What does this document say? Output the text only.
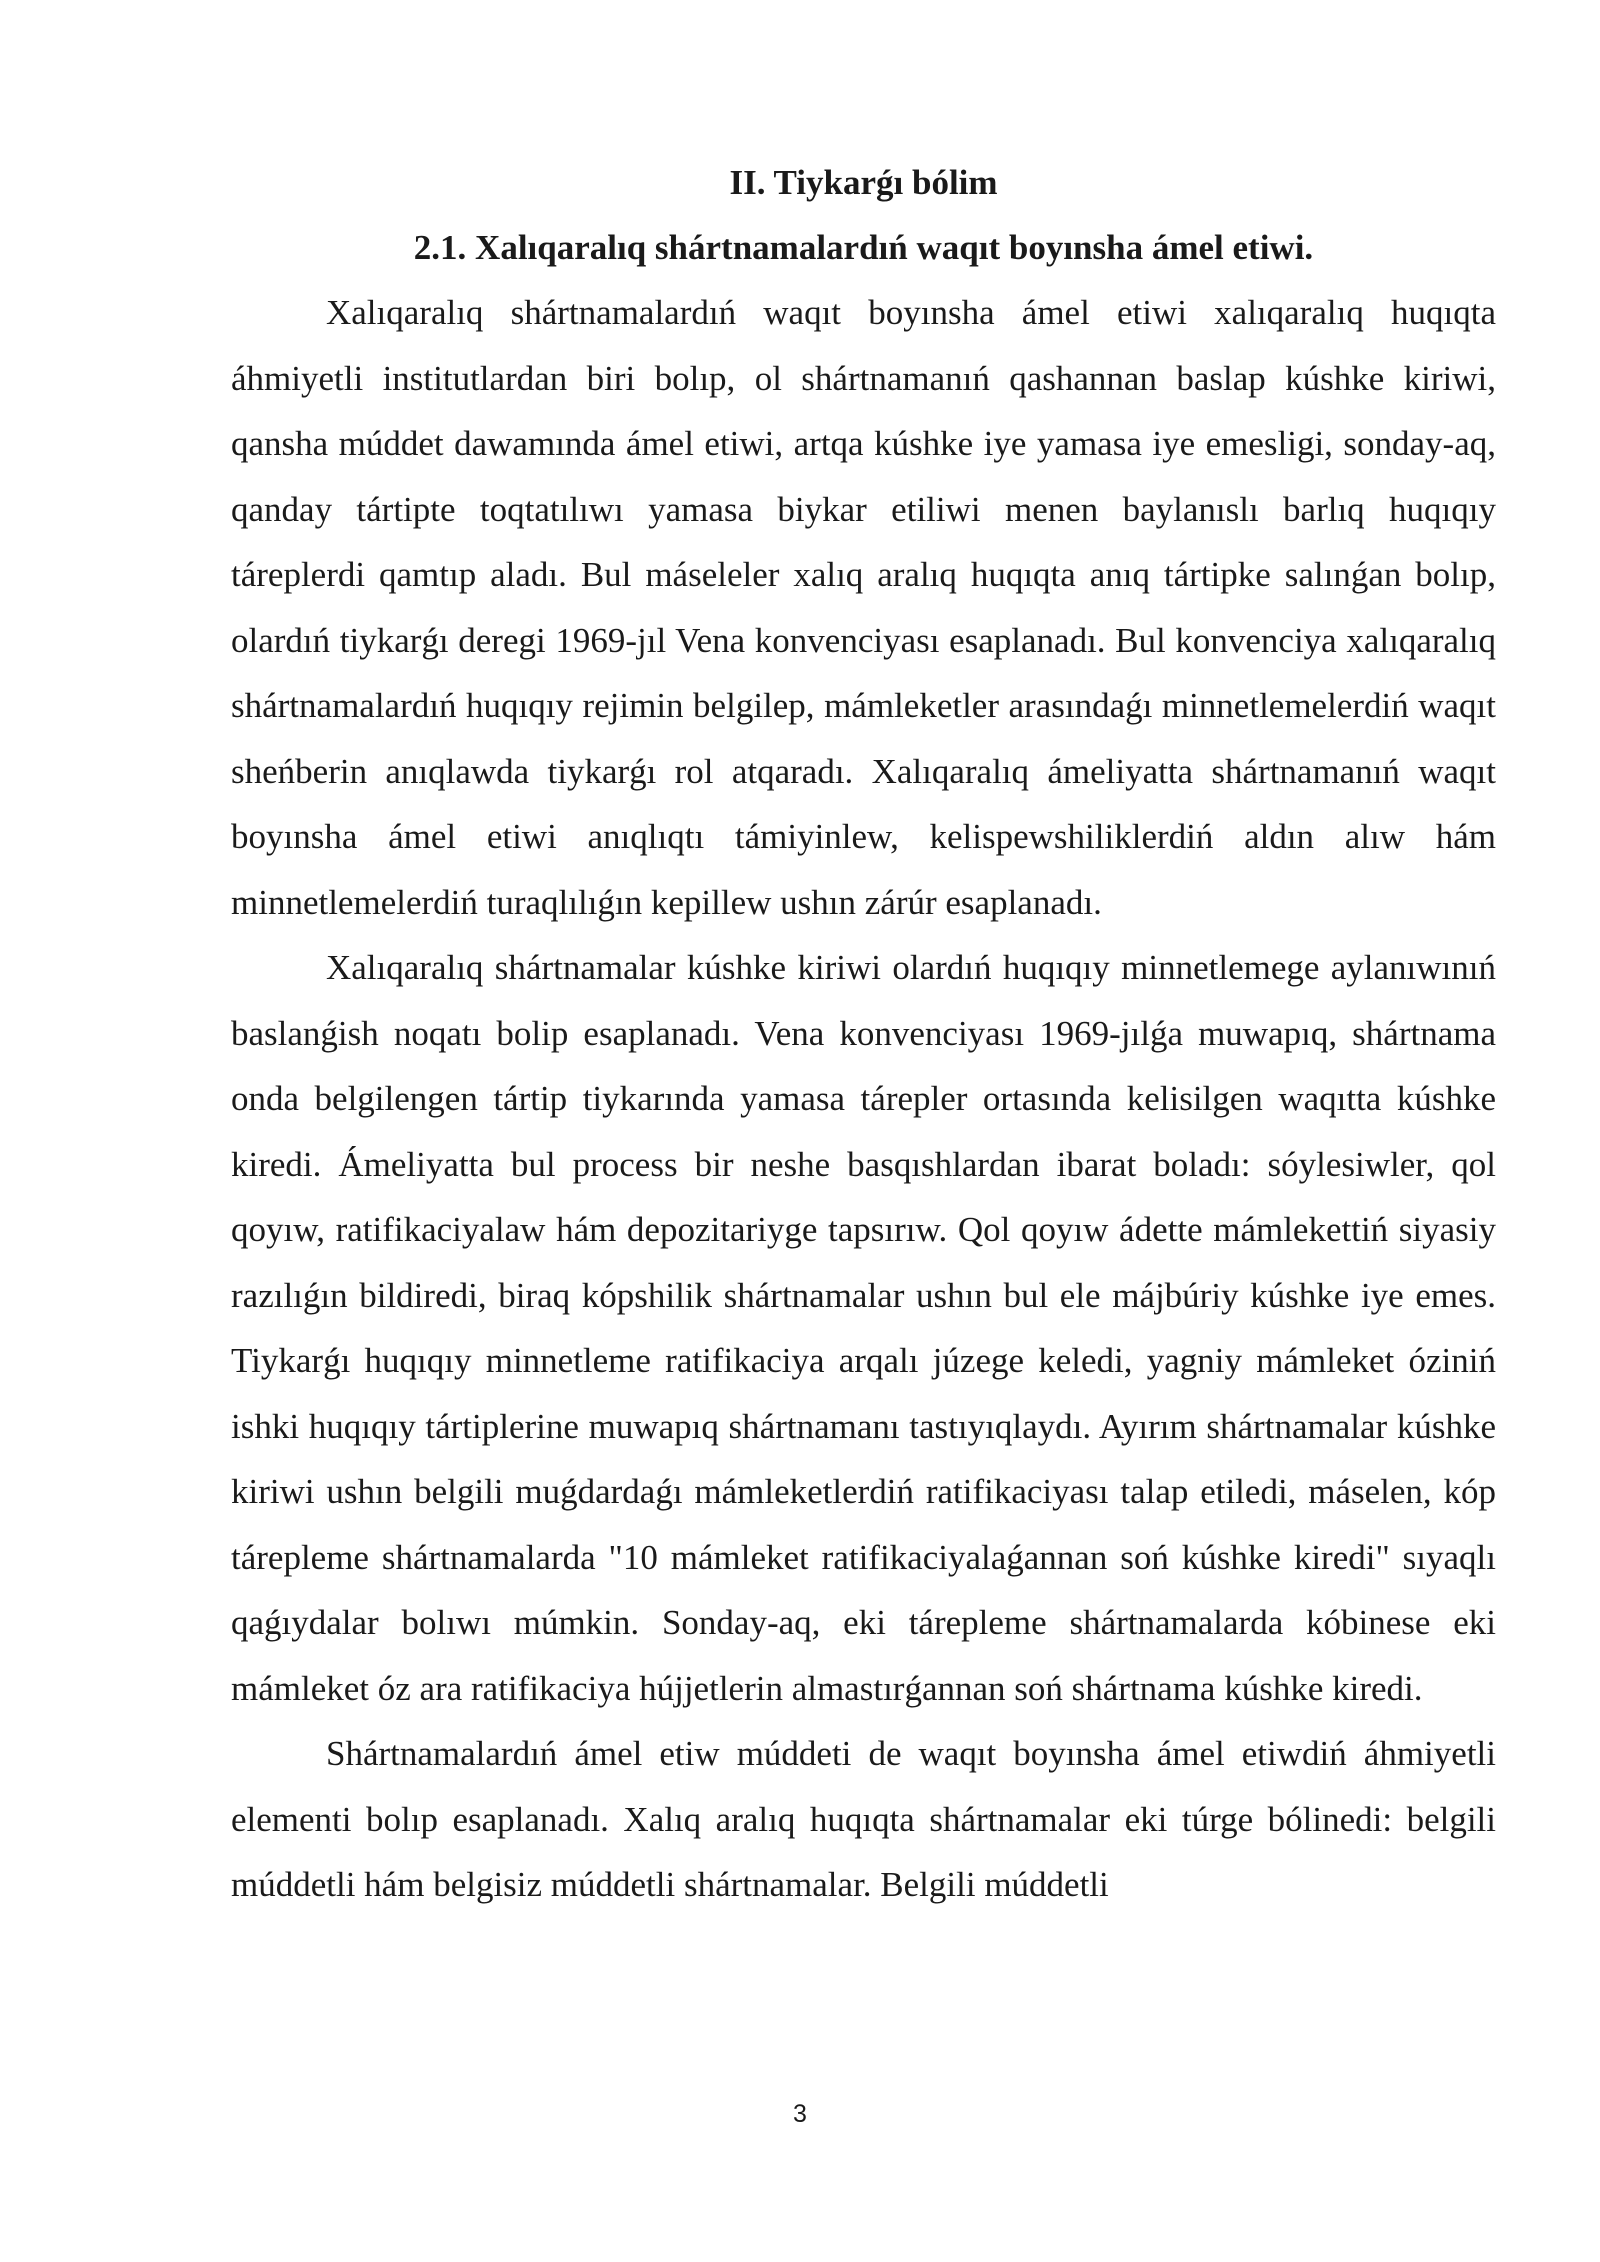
II. Tiykarǵı bólim
2.1. Xalıqaralıq shártnamalardıń waqıt boyınsha ámel etiwi.

Xalıqaralıq shártnamalardıń waqıt boyınsha ámel etiwi xalıqaralıq huqıqta áhmiyetli institutlardan biri bolıp, ol shártnamanıń qashannan baslap kúshke kiriwi, qansha múddet dawamında ámel etiwi, artqa kúshke iye yamasa iye emesligi, sonday-aq, qanday tártipte toqtatılıwı yamasa biykar etiliwi menen baylanıslı barlıq huqıqıy táreplerdi qamtıp aladı. Bul máseleler xalıq aralıq huqıqta anıq tártipke salınǵan bolıp, olardıń tiykarǵı deregi 1969-jıl Vena konvenciyası esaplanadı. Bul konvenciya xalıqaralıq shártnamalardıń huqıqıy rejimin belgilep, mámleketler arasındaǵı minnetlemelerdiń waqıt sheńberin anıqlawda tiykarǵı rol atqaradı. Xalıqaralıq ámeliyatta shártnamanıń waqıt boyınsha ámel etiwi anıqlıqtı támiyinlew, kelispewshiliklerdiń aldın alıw hám minnetlemelerdiń turaqlılıǵın kepillew ushın zárúr esaplanadı.

Xalıqaralıq shártnamalar kúshke kiriwi olardıń huqıqıy minnetlemege aylanıwınıń baslanǵish noqatı bolip esaplanadı. Vena konvenciyası 1969-jılǵa muwapıq, shártnama onda belgilengen tártip tiykarında yamasa tárepler ortasında kelisilgen waqıtta kúshke kiredi. Ámeliyatta bul process bir neshe basqıshlardan ibarat boladı: sóylesiwler, qol qoyıw, ratifikaciyalaw hám depozitariyge tapsırıw. Qol qoyıw ádette mámlekettiń siyasiy razılıǵın bildiredi, biraq kópshilik shártnamalar ushın bul ele májbúriy kúshke iye emes. Tiykarǵı huqıqıy minnetleme ratifikaciya arqalı júzege keledi, yagniy mámleket óziniń ishki huqıqıy tártiplerine muwapıq shártnamanı tastıyıqlaydı. Ayırım shártnamalar kúshke kiriwi ushın belgili muǵdardaǵı mámleketlerdiń ratifikaciyası talap etiledi, máselen, kóp tárepleme shártnamalarda "10 mámleket ratifikaciyalaǵannan soń kúshke kiredi" sıyaqlı qaǵıydalar bolıwı múmkin. Sonday-aq, eki tárepleme shártnamalarda kóbinese eki mámleket óz ara ratifikaciya hújjetlerin almastırǵannan soń shártnama kúshke kiredi.

Shártnamalardıń ámel etiw múddeti de waqıt boyınsha ámel etiwdiń áhmiyetli elementi bolıp esaplanadı. Xalıq aralıq huqıqta shártnamalar eki túrge bólinedi: belgili múddetli hám belgisiz múddetli shártnamalar. Belgili múddetli

3
